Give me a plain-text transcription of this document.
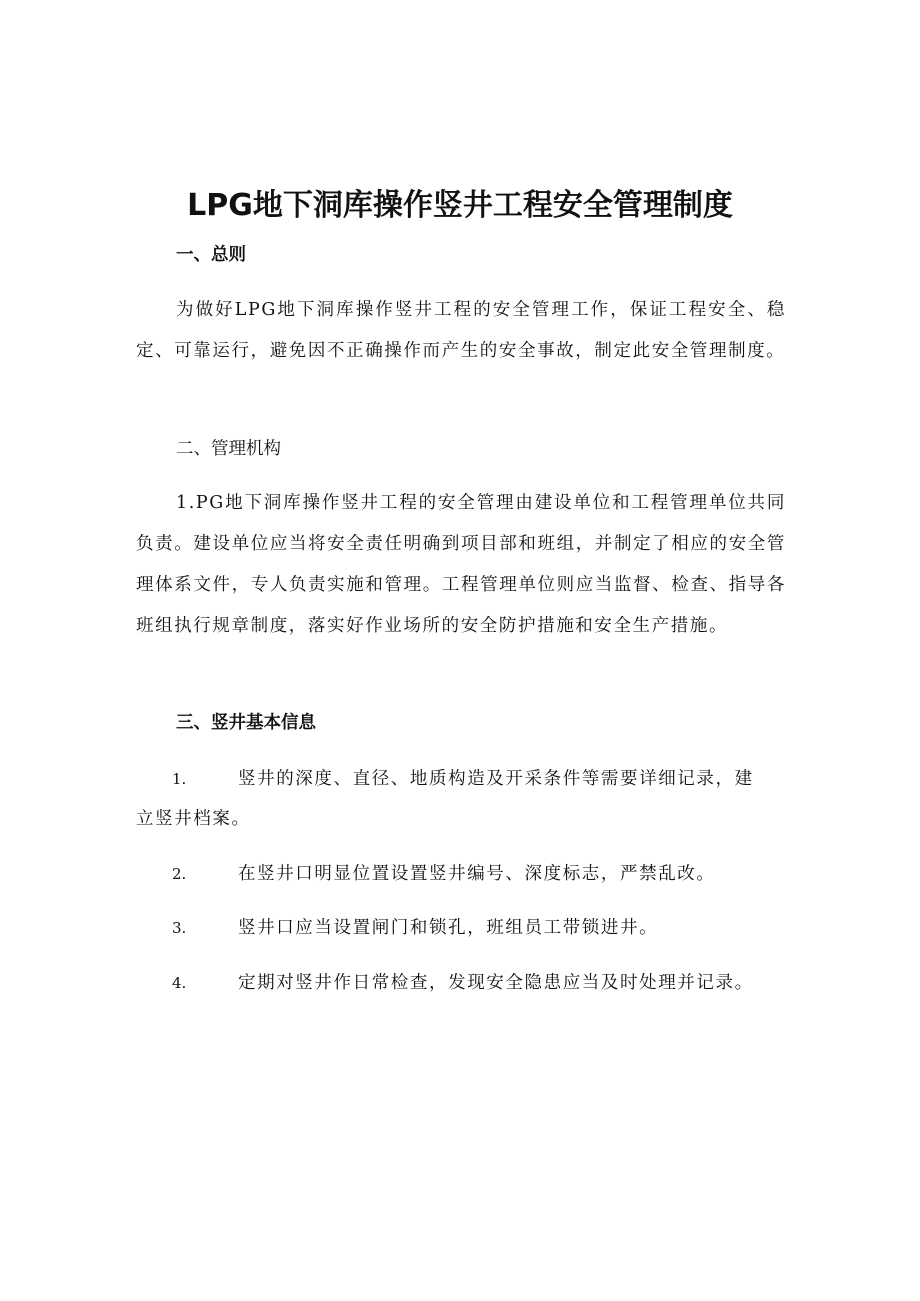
LPG地下洞库操作竖井工程安全管理制度
一、总则
为做好LPG地下洞库操作竖井工程的安全管理工作，保证工程安全、稳定、可靠运行，避免因不正确操作而产生的安全事故，制定此安全管理制度。
二、管理机构
1.PG地下洞库操作竖井工程的安全管理由建设单位和工程管理单位共同负责。建设单位应当将安全责任明确到项目部和班组，并制定了相应的安全管理体系文件，专人负责实施和管理。工程管理单位则应当监督、检查、指导各班组执行规章制度，落实好作业场所的安全防护措施和安全生产措施。
三、竖井基本信息
1.	竖井的深度、直径、地质构造及开采条件等需要详细记录，建立竖井档案。
2.	在竖井口明显位置设置竖井编号、深度标志，严禁乱改。
3.	竖井口应当设置闸门和锁孔，班组员工带锁进井。
4.	定期对竖井作日常检查，发现安全隐患应当及时处理并记录。
